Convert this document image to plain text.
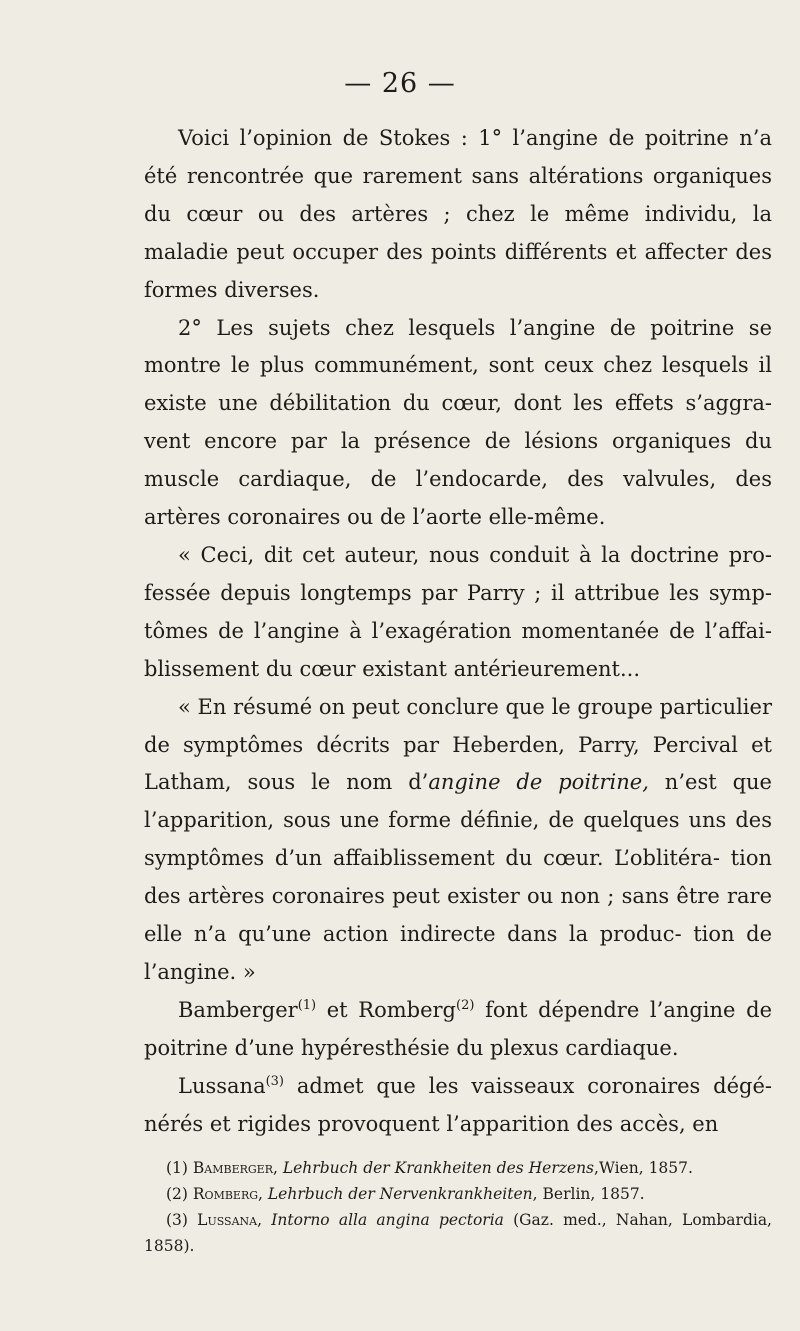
— 26 —

Voici l’opinion de Stokes : 1° l’angine de poitrine n’a été rencontrée que rarement sans altérations organiques du cœur ou des artères ; chez le même individu, la maladie peut occuper des points différents et affecter des formes diverses.

2° Les sujets chez lesquels l’angine de poitrine se montre le plus communément, sont ceux chez lesquels il existe une débilitation du cœur, dont les effets s’aggra- vent encore par la présence de lésions organiques du muscle cardiaque, de l’endocarde, des valvules, des artères coronaires ou de l’aorte elle-même.

« Ceci, dit cet auteur, nous conduit à la doctrine pro- fessée depuis longtemps par Parry ; il attribue les symp- tômes de l’angine à l’exagération momentanée de l’affai- blissement du cœur existant antérieurement...

« En résumé on peut conclure que le groupe particulier de symptômes décrits par Heberden, Parry, Percival et Latham, sous le nom d’angine de poitrine, n’est que l’apparition, sous une forme définie, de quelques uns des symptômes d’un affaiblissement du cœur. L’oblitéra- tion des artères coronaires peut exister ou non ; sans être rare elle n’a qu’une action indirecte dans la produc- tion de l’angine. »

Bamberger$^{(1)}$ et Romberg$^{(2)}$ font dépendre l’angine de poitrine d’une hypéresthésie du plexus cardiaque.

Lussana$^{(3)}$ admet que les vaisseaux coronaires dégé- nérés et rigides provoquent l’apparition des accès, en

(1) Bamberger, Lehrbuch der Krankheiten des Herzens,Wien, 1857.

(2) Romberg, Lehrbuch der Nervenkrankheiten, Berlin, 1857.

(3) Lussana, Intorno alla angina pectoria (Gaz. med., Nahan, Lombardia, 1858).
